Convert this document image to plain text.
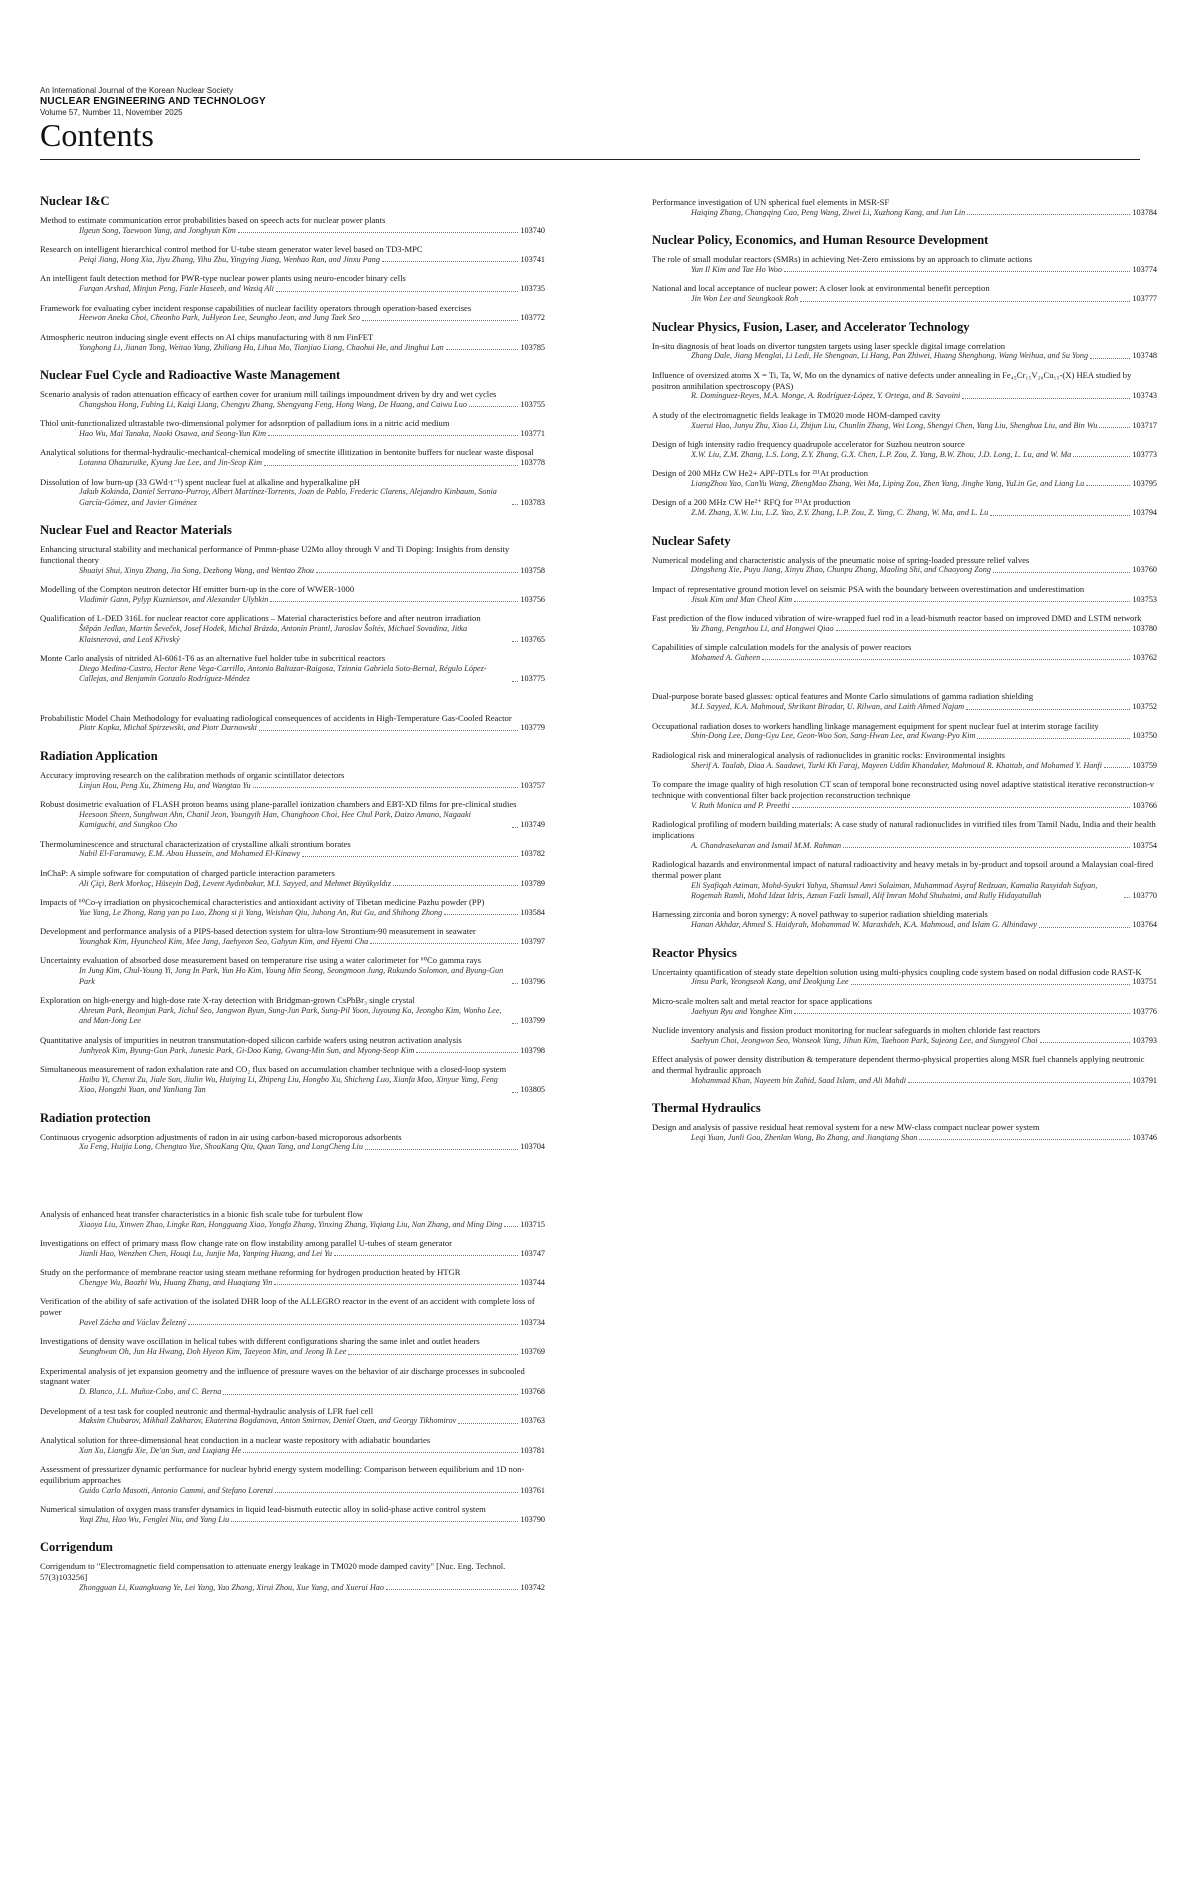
An International Journal of the Korean Nuclear Society
NUCLEAR ENGINEERING AND TECHNOLOGY
Volume 57, Number 11, November 2025
Contents
Nuclear I&C
Method to estimate communication error probabilities based on speech acts for nuclear power plants
Ilgeun Song, Taewoon Yang, and Jonghyun Kim	103740
Research on intelligent hierarchical control method for U-tube steam generator water level based on TD3-MPC
Peiqi Jiang, Hong Xia, Jiyu Zhang, Yihu Zhu, Yingying Jiang, Wenhao Ran, and Jinxu Pang	103741
An intelligent fault detection method for PWR-type nuclear power plants using neuro-encoder binary cells
Furqan Arshad, Minjun Peng, Fazle Haseeb, and Wasiq Ali	103735
Framework for evaluating cyber incident response capabilities of nuclear facility operators through operation-based exercises
Heewon Aneka Choi, Cheonho Park, JuHyeon Lee, Seungho Jeon, and Jung Taek Seo	103772
Atmospheric neutron inducing single event effects on AI chips manufacturing with 8 nm FinFET
Yonghong Li, Jianan Tong, Weitao Yang, Zhiliang Hu, Lihua Mo, Tianjiao Liang, Chaohui He, and Jinghui Lan	103785
Nuclear Fuel Cycle and Radioactive Waste Management
Scenario analysis of radon attenuation efficacy of earthen cover for uranium mill tailings impoundment driven by dry and wet cycles
Changshou Hong, Fubing Li, Kaiqi Liang, Chengyu Zhang, Shengyang Feng, Hong Wang, De Huang, and Caiwu Luo	103755
Thiol unit-functionalized ultrastable two-dimensional polymer for adsorption of palladium ions in a nitric acid medium
Hao Wu, Mai Tanaka, Naoki Osawa, and Seong-Yun Kim	103771
Analytical solutions for thermal-hydraulic-mechanical-chemical modeling of smectite illitization in bentonite buffers for nuclear waste disposal
Lotanna Ohazuruike, Kyung Jae Lee, and Jin-Seop Kim	103778
Dissolution of low burn-up (33 GWd·t⁻¹) spent nuclear fuel at alkaline and hyperalkaline pH
Jakub Kokinda, Daniel Serrano-Purroy, Albert Martínez-Torrents, Joan de Pablo, Frederic Clarens, Alejandro Kinbaum, Sonia García-Gómez, and Javier Giménez	103783
Nuclear Fuel and Reactor Materials
Enhancing structural stability and mechanical performance of Pmmn-phase U2Mo alloy through V and Ti Doping: Insights from density functional theory
Shuaiyi Shui, Xinyu Zhang, Jia Song, Dezhong Wang, and Wentao Zhou	103758
Modelling of the Compton neutron detector Hf emitter burn-up in the core of WWER-1000
Vladimir Gann, Pylyp Kuznietsov, and Alexander Ulybkin	103756
Qualification of L-DED 316L for nuclear reactor core applications – Material characteristics before and after neutron irradiation
Štěpán Jedlan, Martin Ševeček, Josef Hodek, Michal Brázda, Antonín Prantl, Jaroslav Šoltés, Michael Sovadina, Jitka Klaisnerová, and Leoš Křivský	103765
Monte Carlo analysis of nitrided Al-6061-T6 as an alternative fuel holder tube in subcritical reactors
Diego Medina-Castro, Hector Rene Vega-Carrillo, Antonio Baltazar-Raigosa, Tzinnia Gabriela Soto-Bernal, Régulo López-Callejas, and Benjamín Gonzalo Rodríguez-Méndez	103775
Probabilistic Model Chain Methodology for evaluating radiological consequences of accidents in High-Temperature Gas-Cooled Reactor
Piotr Kopka, Michał Spirzewski, and Piotr Darnowski	103779
Radiation Application
Accuracy improving research on the calibration methods of organic scintillator detectors
Linjun Hou, Peng Xu, Zhimeng Hu, and Wangtao Yu	103757
Robust dosimetric evaluation of FLASH proton beams using plane-parallel ionization chambers and EBT-XD films for pre-clinical studies
Heesoon Sheen, Sunghwan Ahn, Chanil Jeon, Youngyih Han, Changhoon Choi, Hee Chul Park, Daizo Amano, Nagaaki Kamiguchi, and Sungkoo Cho	103749
Thermoluminescence and structural characterization of crystalline alkali strontium borates
Nabil El-Faramawy, E.M. Abou Hussein, and Mohamed El-Kinawy	103782
InChaP: A simple software for computation of charged particle interaction parameters
Ali Çiçi, Berk Morkoç, Hüseyin Dağ, Levent Aydınbakar, M.I. Sayyed, and Mehmet Büyükyıldız	103789
Impacts of ⁶⁰Co-γ irradiation on physicochemical characteristics and antioxidant activity of Tibetan medicine Pazhu powder (PP)
Yue Yang, Le Zhong, Rang yan po Luo, Zhong si ji Yang, Weishan Qiu, Juhong An, Rui Gu, and Shihong Zhong	103584
Development and performance analysis of a PIPS-based detection system for ultra-low Strontium-90 measurement in seawater
Younghak Kim, Hyuncheol Kim, Mee Jang, Jaehyeon Seo, Gahyun Kim, and Hyemi Cha	103797
Uncertainty evaluation of absorbed dose measurement based on temperature rise using a water calorimeter for ⁶⁰Co gamma rays
In Jung Kim, Chul-Young Yi, Jong In Park, Yun Ho Kim, Young Min Seong, Seongmoon Jung, Rukundo Solomon, and Byung-Gun Park	103796
Exploration on high-energy and high-dose rate X-ray detection with Bridgman-grown CsPbBr₃ single crystal
Ahreum Park, Beomjun Park, Jichul Seo, Jangwon Byun, Sung-Jun Park, Sung-Pil Yoon, Juyoung Ko, Jeongho Kim, Wonho Lee, and Man-Jong Lee	103799
Quantitative analysis of impurities in neutron transmutation-doped silicon carbide wafers using neutron activation analysis
Junhyeok Kim, Byung-Gun Park, Junesic Park, Gi-Doo Kang, Gwang-Min Sun, and Myong-Seop Kim	103798
Simultaneous measurement of radon exhalation rate and CO₂ flux based on accumulation chamber technique with a closed-loop system
Haibo Yi, Chenxi Zu, Jiale Sun, Jiulin Wu, Huiying Li, Zhipeng Liu, Hongbo Xu, Shicheng Luo, Xianfa Mao, Xinyue Yang, Feng Xiao, Hongzhi Yuan, and Yanliang Tan	103805
Radiation protection
Continuous cryogenic adsorption adjustments of radon in air using carbon-based microporous adsorbents
Xu Feng, Huijia Long, Chengtao Yue, ShouKang Qiu, Quan Tang, and LongCheng Liu	103704
Analysis of enhanced heat transfer characteristics in a bionic fish scale tube for turbulent flow
Xiaoya Liu, Xinwen Zhao, Lingke Ran, Hongguang Xiao, Yongfa Zhang, Yinxing Zhang, Yiqiang Liu, Nan Zhang, and Ming Ding 103715
Investigations on effect of primary mass flow change rate on flow instability among parallel U-tubes of steam generator
Jianli Hao, Wenzhen Chen, Houqi Lu, Junjie Ma, Yanping Huang, and Lei Yu	103747
Study on the performance of membrane reactor using steam methane reforming for hydrogen production heated by HTGR
Chengye Wu, Baozhi Wu, Huang Zhang, and Huaqiang Yin	103744
Verification of the ability of safe activation of the isolated DHR loop of the ALLEGRO reactor in the event of an accident with complete loss of power
Pavel Zácha and Václav Železný	103734
Investigations of density wave oscillation in helical tubes with different configurations sharing the same inlet and outlet headers
Seunghwan Oh, Jun Ha Hwang, Doh Hyeon Kim, Taeyeon Min, and Jeong Ik Lee	103769
Experimental analysis of jet expansion geometry and the influence of pressure waves on the behavior of air discharge processes in subcooled stagnant water
D. Blanco, J.L. Muñoz-Cobo, and C. Berna	103768
Development of a test task for coupled neutronic and thermal-hydraulic analysis of LFR fuel cell
Maksim Chubarov, Mikhail Zakharov, Ekaterina Bogdanova, Anton Smirnov, Deniel Ouen, and Georgy Tikhomirov	103763
Analytical solution for three-dimensional heat conduction in a nuclear waste repository with adiabatic boundaries
Xun Xu, Liangfu Xie, De'an Sun, and Luqiang He	103781
Assessment of pressurizer dynamic performance for nuclear hybrid energy system modelling: Comparison between equilibrium and 1D non-equilibrium approaches
Guido Carlo Masotti, Antonio Cammi, and Stefano Lorenzi	103761
Numerical simulation of oxygen mass transfer dynamics in liquid lead-bismuth eutectic alloy in solid-phase active control system
Yuqi Zhu, Hao Wu, Fenglei Niu, and Yang Liu	103790
Corrigendum
Corrigendum to "Electromagnetic field compensation to attenuate energy leakage in TM020 mode damped cavity" [Nuc. Eng. Technol. 57(3)103256]
Zhongguan Li, Kuangkuang Ye, Lei Yang, Yao Zhang, Xirui Zhou, Xue Yang, and Xuerui Hao	103742
Performance investigation of UN spherical fuel elements in MSR-SF
Haiqing Zhang, Changqing Cao, Peng Wang, Ziwei Li, Xuzhong Kang, and Jun Lin	103784
Nuclear Policy, Economics, and Human Resource Development
The role of small modular reactors (SMRs) in achieving Net-Zero emissions by an approach to climate actions
Yun Il Kim and Tae Ho Woo	103774
National and local acceptance of nuclear power: A closer look at environmental benefit perception
Jin Won Lee and Seungkook Roh	103777
Nuclear Physics, Fusion, Laser, and Accelerator Technology
In-situ diagnosis of heat loads on divertor tungsten targets using laser speckle digital image correlation
Zhang Dale, Jiang Menglai, Li Ledi, He Shengnan, Li Hang, Pan Zhiwei, Huang Shenghong, Wang Weihua, and Su Yong	103748
Influence of oversized atoms X = Ti, Ta, W, Mo on the dynamics of native defects under annealing in Fe₄₅Cr₁₅V₂₀Cu₁₅-(X) HEA studied by positron annihilation spectroscopy (PAS)
R. Domínguez-Reyes, M.A. Monge, A. Rodríguez-López, Y. Ortega, and B. Savoini	103743
A study of the electromagnetic fields leakage in TM020 mode HOM-damped cavity
Xuerui Hao, Junyu Zhu, Xiao Li, Zhijun Liu, Chunlin Zhang, Wei Long, Shengyi Chen, Yang Liu, Shenghua Liu, and Bin Wu	103717
Design of high intensity radio frequency quadrupole accelerator for Suzhou neutron source
X.W. Liu, Z.M. Zhang, L.S. Long, Z.Y. Zhang, G.X. Chen, L.P. Zou, Z. Yang, B.W. Zhou, J.D. Long, L. Lu, and W. Ma	103773
Design of 200 MHz CW He2+ APF-DTLs for ²¹¹At production
LiangZhou Yao, CanYu Wang, ZhengMao Zhang, Wei Ma, Liping Zou, Zhen Yang, Jinghe Yang, YuLin Ge, and Liang Lu	103795
Design of a 200 MHz CW He²⁺ RFQ for ²¹¹At production
Z.M. Zhang, X.W. Liu, L.Z. Yao, Z.Y. Zhang, L.P. Zou, Z. Yang, C. Zhang, W. Ma, and L. Lu	103794
Nuclear Safety
Numerical modeling and characteristic analysis of the pneumatic noise of spring-loaded pressure relief valves
Dingsheng Xie, Puyu Jiang, Xinyu Zhao, Chunpu Zhang, Maoling Shi, and Chaoyong Zong	103760
Impact of representative ground motion level on seismic PSA with the boundary between overestimation and underestimation
Jisuk Kim and Man Cheol Kim	103753
Fast prediction of the flow induced vibration of wire-wrapped fuel rod in a lead-bismuth reactor based on improved DMD and LSTM network
Yu Zhang, Pengzhou Li, and Hongwei Qiao	103780
Capabilities of simple calculation models for the analysis of power reactors
Mohamed A. Gaheen	103762
Dual-purpose borate based glasses: optical features and Monte Carlo simulations of gamma radiation shielding
M.I. Sayyed, K.A. Mahmoud, Shrikant Biradar, U. Rilwan, and Laith Ahmed Najam	103752
Occupational radiation doses to workers handling linkage management equipment for spent nuclear fuel at interim storage facility
Shin-Dong Lee, Dong-Gyu Lee, Geon-Woo Son, Sang-Hwan Lee, and Kwang-Pyo Kim	103750
Radiological risk and mineralogical analysis of radionuclides in granitic rocks: Environmental insights
Sherif A. Taalab, Diaa A. Saadawi, Turki Kh Faraj, Mayeen Uddin Khandaker, Mahmoud R. Khattab, and Mohamed Y. Hanfi	103759
To compare the image quality of high resolution CT scan of temporal bone reconstructed using novel adaptive statistical iterative reconstruction-v technique with conventional filter back projection reconstruction technique
V. Ruth Monica and P. Preethi	103766
Radiological profiling of modern building materials: A case study of natural radionuclides in vitrified tiles from Tamil Nadu, India and their health implications
A. Chandrasekaran and Ismail M.M. Rahman	103754
Radiological hazards and environmental impact of natural radioactivity and heavy metals in by-product and topsoil around a Malaysian coal-fired thermal power plant
Eli Syafiqah Aziman, Mohd-Syukri Yahya, Shamsul Amri Sulaiman, Muhammad Asyraf Redzuan, Kamalia Rasyidah Sufyan, Rogemah Ramli, Mohd Idzat Idris, Aznan Fazli Ismail, Alif Imran Mohd Shuhaimi, and Rully Hidayatullah	103770
Harnessing zirconia and boron synergy: A novel pathway to superior radiation shielding materials
Hanan Akhdar, Ahmed S. Haidyrah, Mohammad W. Marashdeh, K.A. Mahmoud, and Islam G. Alhindawy	103764
Reactor Physics
Uncertainty quantification of steady state depeltion solution using multi-physics coupling code system based on nodal diffusion code RAST-K
Jinsu Park, Yeongseok Kang, and Deokjung Lee	103751
Micro-scale molten salt and metal reactor for space applications
Jaehyun Ryu and Yonghee Kim	103776
Nuclide inventory analysis and fission product monitoring for nuclear safeguards in molten chloride fast reactors
Saehyun Choi, Jeongwon Seo, Wonseok Yang, Jihun Kim, Taehoon Park, Sujeong Lee, and Sungyeol Choi	103793
Effect analysis of power density distribution & temperature dependent thermo-physical properties along MSR fuel channels applying neutronic and thermal hydraulic approach
Mohammad Khan, Nayeem bin Zahid, Saad Islam, and Ali Mahdi	103791
Thermal Hydraulics
Design and analysis of passive residual heat removal system for a new MW-class compact nuclear power system
Leqi Yuan, Junli Gou, Zhenlan Wang, Bo Zhang, and Jianqiang Shan	103746
